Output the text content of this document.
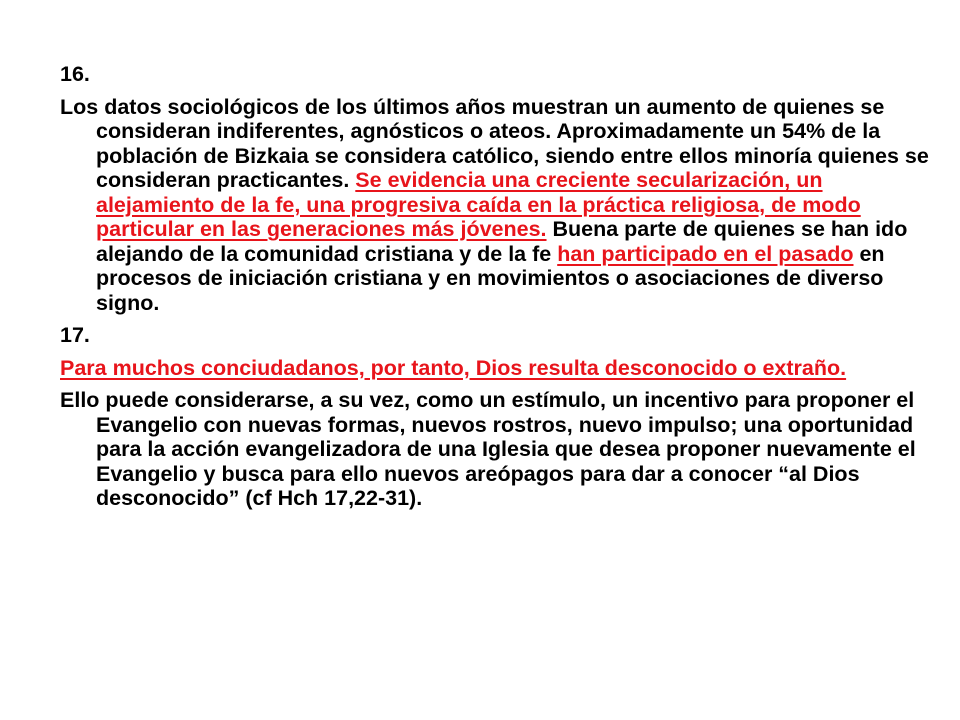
16.
Los datos sociológicos de los últimos años muestran un aumento de quienes se consideran indiferentes, agnósticos o ateos. Aproximadamente un 54% de la población de Bizkaia se considera católico, siendo entre ellos minoría quienes se consideran practicantes. Se evidencia una creciente secularización, un alejamiento de la fe, una progresiva caída en la práctica religiosa, de modo particular en las generaciones más jóvenes. Buena parte de quienes se han ido alejando de la comunidad cristiana y de la fe han participado en el pasado en procesos de iniciación cristiana y en movimientos o asociaciones de diverso signo.
17.
Para muchos conciudadanos, por tanto, Dios resulta desconocido o extraño.
Ello puede considerarse, a su vez, como un estímulo, un incentivo para proponer el Evangelio con nuevas formas, nuevos rostros, nuevo impulso; una oportunidad para la acción evangelizadora de una Iglesia que desea proponer nuevamente el Evangelio y busca para ello nuevos areópagos para dar a conocer “al Dios desconocido” (cf Hch 17,22-31).
